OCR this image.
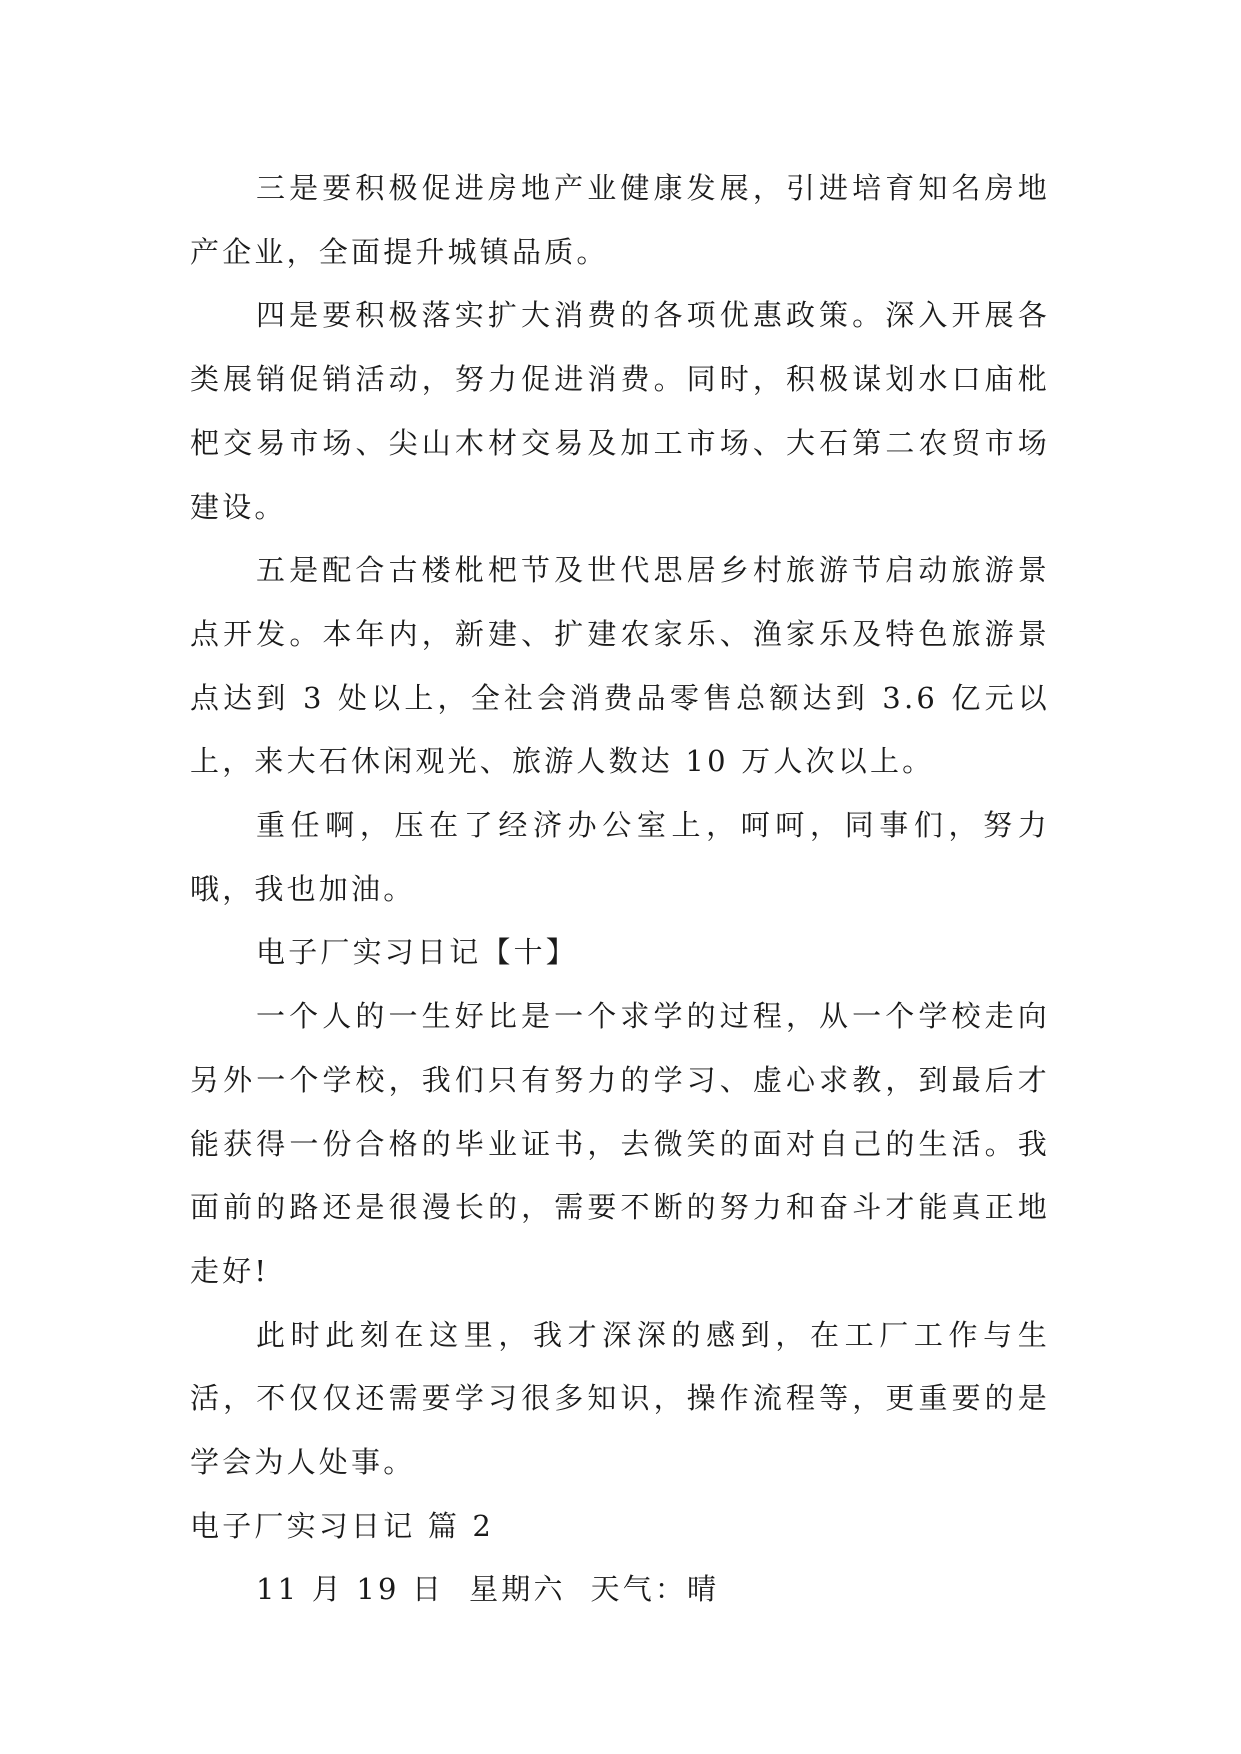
三是要积极促进房地产业健康发展，引进培育知名房地产企业，全面提升城镇品质。

四是要积极落实扩大消费的各项优惠政策。深入开展各类展销促销活动，努力促进消费。同时，积极谋划水口庙枇杷交易市场、尖山木材交易及加工市场、大石第二农贸市场建设。

五是配合古楼枇杷节及世代思居乡村旅游节启动旅游景点开发。本年内，新建、扩建农家乐、渔家乐及特色旅游景点达到 3 处以上，全社会消费品零售总额达到 3.6 亿元以上，来大石休闲观光、旅游人数达 10 万人次以上。

重任啊，压在了经济办公室上，呵呵，同事们，努力哦，我也加油。

电子厂实习日记【十】

一个人的一生好比是一个求学的过程，从一个学校走向另外一个学校，我们只有努力的学习、虚心求教，到最后才能获得一份合格的毕业证书，去微笑的面对自己的生活。我面前的路还是很漫长的，需要不断的努力和奋斗才能真正地走好!

此时此刻在这里，我才深深的感到，在工厂工作与生活，不仅仅还需要学习很多知识，操作流程等，更重要的是学会为人处事。

电子厂实习日记 篇 2

11 月 19 日  星期六  天气：晴
